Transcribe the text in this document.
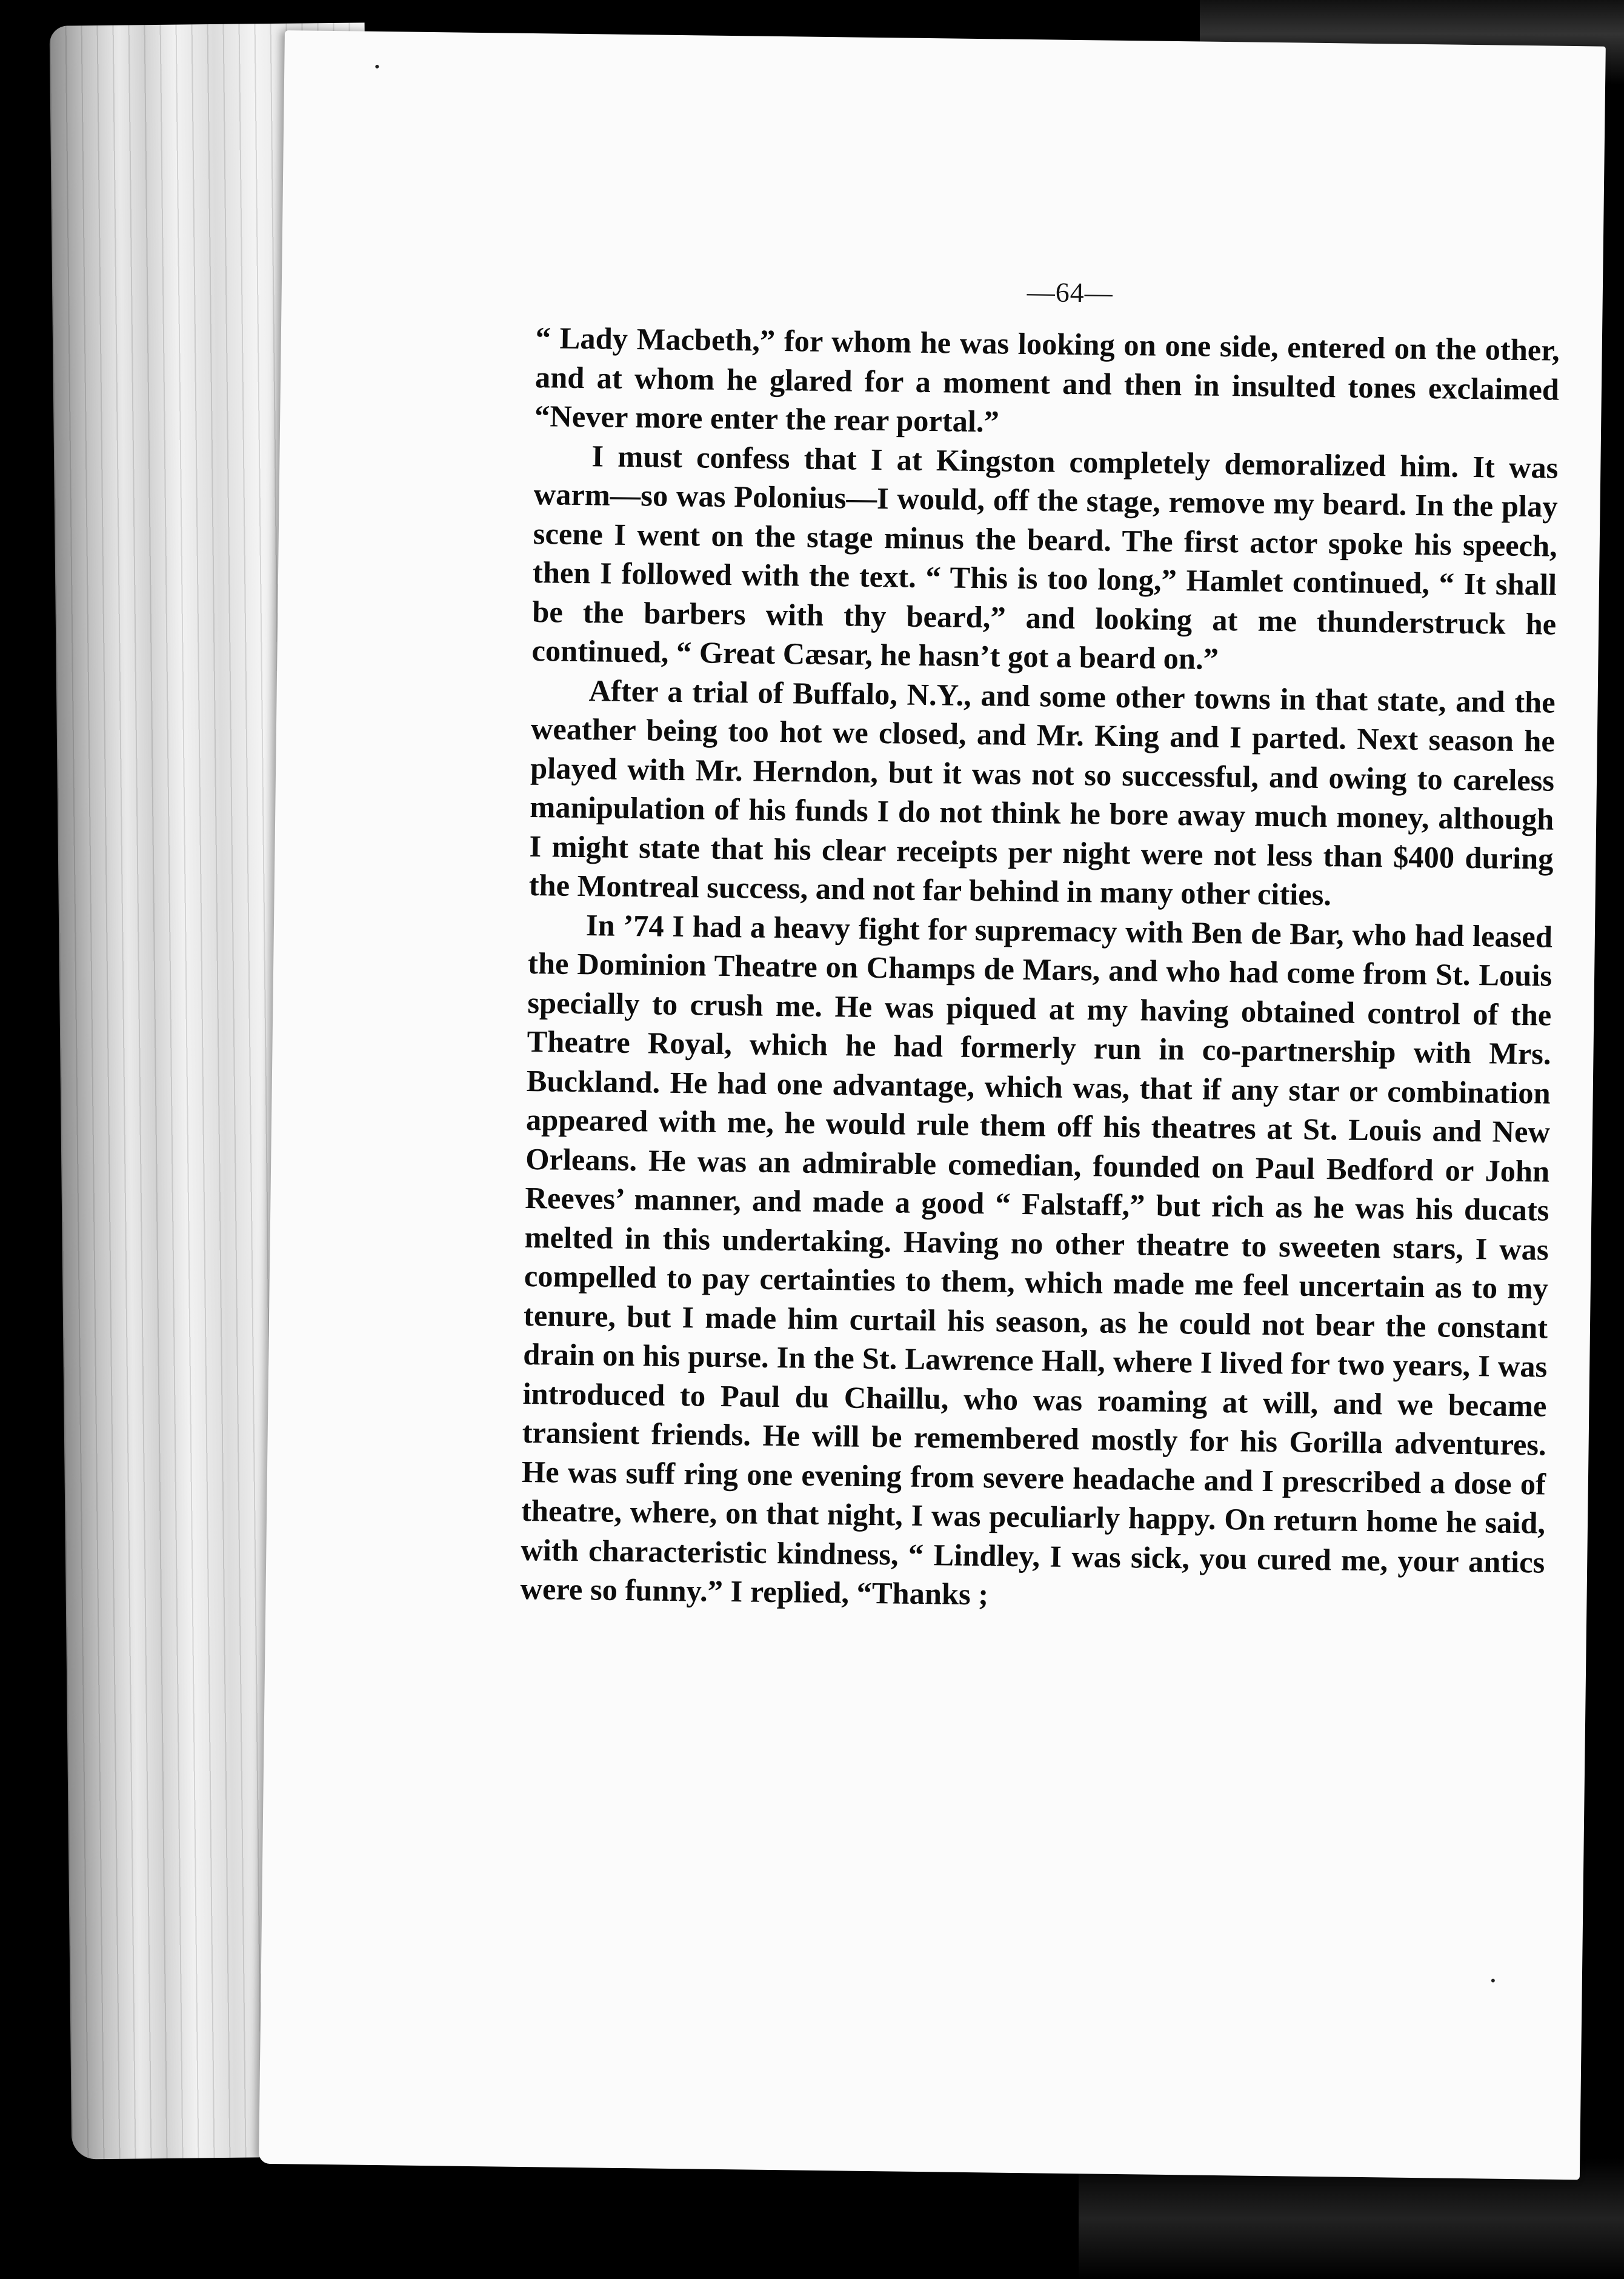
—64—

“ Lady Macbeth,” for whom he was looking on one side, entered on the other, and at whom he glared for a moment and then in insulted tones exclaimed “Never more enter the rear portal.”

I must confess that I at Kingston completely demoralized him. It was warm—so was Polonius—I would, off the stage, remove my beard. In the play scene I went on the stage minus the beard. The first actor spoke his speech, then I followed with the text. “ This is too long,” Hamlet continued, “ It shall be the barbers with thy beard,” and looking at me thunderstruck he continued, “ Great Cæsar, he hasn’t got a beard on.”

After a trial of Buffalo, N.Y., and some other towns in that state, and the weather being too hot we closed, and Mr. King and I parted. Next season he played with Mr. Herndon, but it was not so successful, and owing to careless manipulation of his funds I do not think he bore away much money, although I might state that his clear receipts per night were not less than $400 during the Montreal success, and not far behind in many other cities.

In ’74 I had a heavy fight for supremacy with Ben de Bar, who had leased the Dominion Theatre on Champs de Mars, and who had come from St. Louis specially to crush me. He was piqued at my having obtained control of the Theatre Royal, which he had formerly run in co-partnership with Mrs. Buckland. He had one advantage, which was, that if any star or combination appeared with me, he would rule them off his theatres at St. Louis and New Orleans. He was an admirable comedian, founded on Paul Bedford or John Reeves’ manner, and made a good “ Falstaff,” but rich as he was his ducats melted in this undertaking. Having no other theatre to sweeten stars, I was compelled to pay certainties to them, which made me feel uncertain as to my tenure, but I made him curtail his season, as he could not bear the constant drain on his purse. In the St. Lawrence Hall, where I lived for two years, I was introduced to Paul du Chaillu, who was roaming at will, and we became transient friends. He will be remembered mostly for his Gorilla adventures. He was suff ring one evening from severe headache and I prescribed a dose of theatre, where, on that night, I was peculiarly happy. On return home he said, with characteristic kindness, “ Lindley, I was sick, you cured me, your antics were so funny.” I replied, “Thanks ;
